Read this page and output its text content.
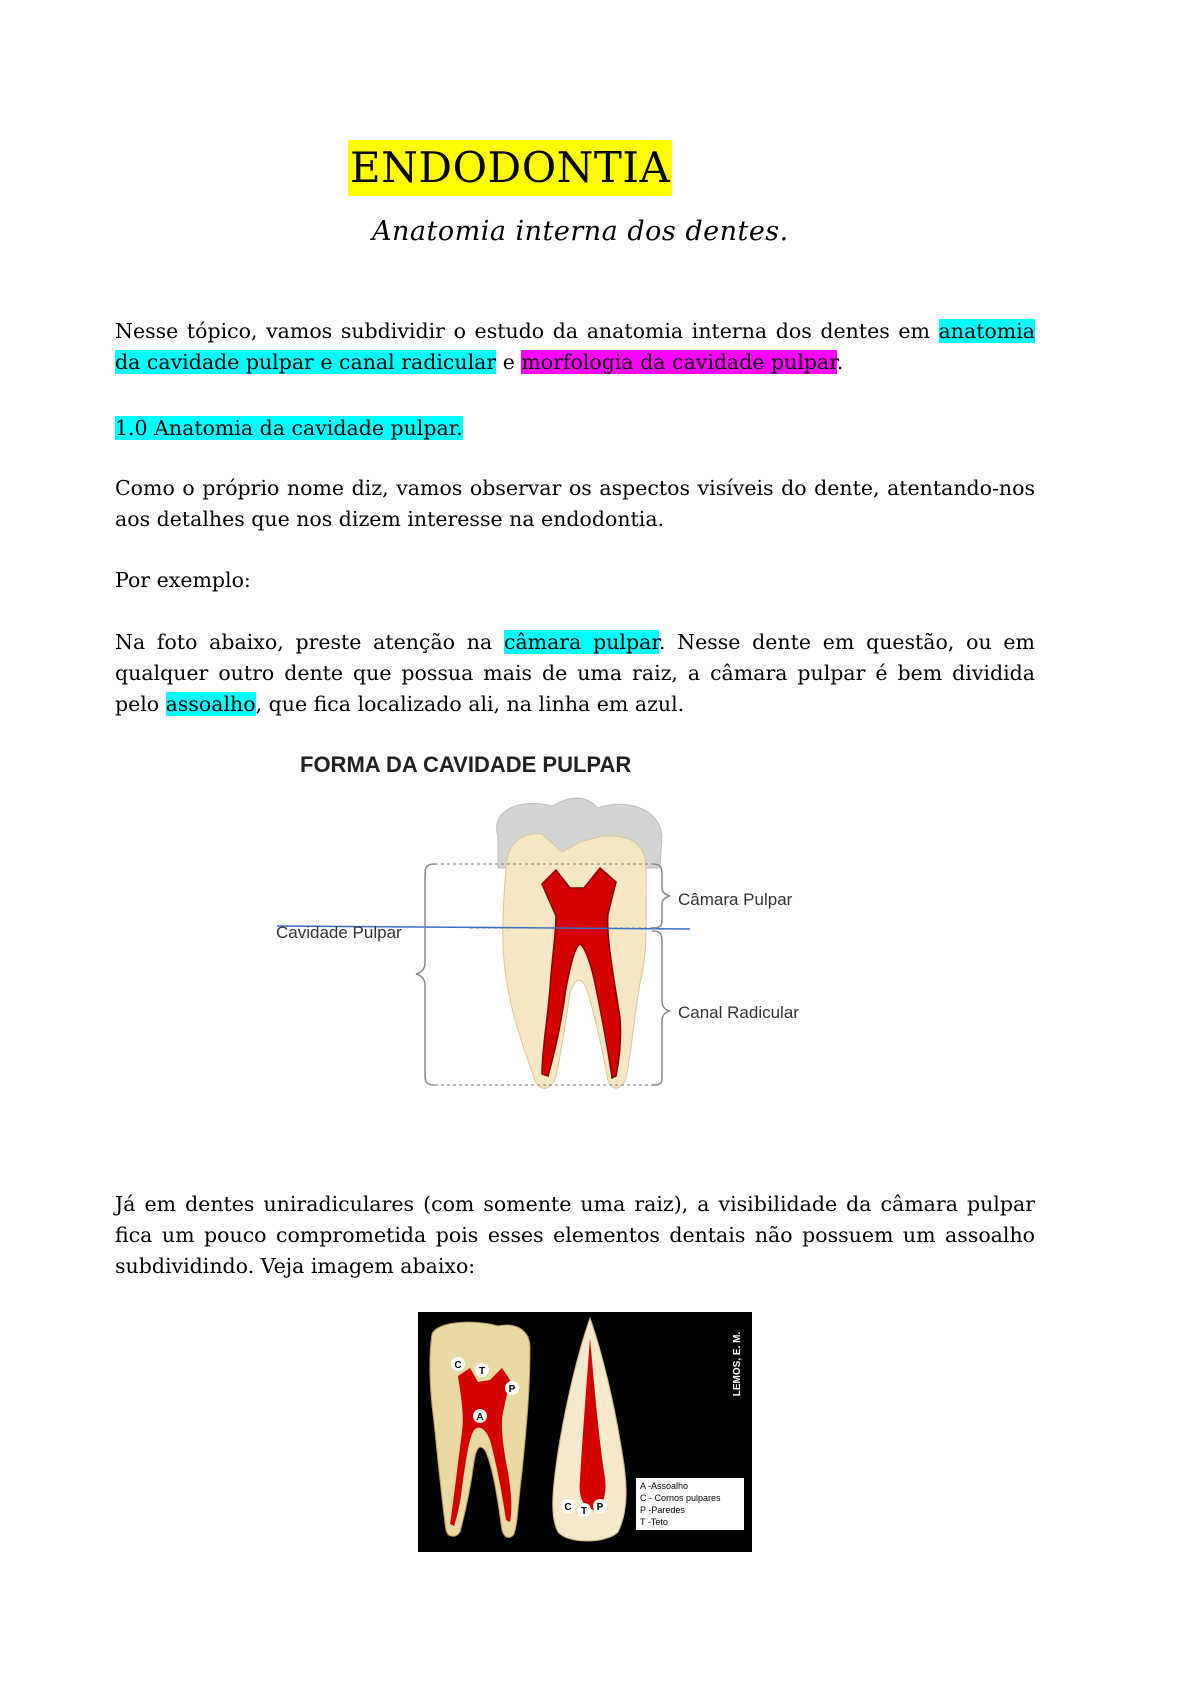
ENDODONTIA
Anatomia interna dos dentes.

Nesse tópico, vamos subdividir o estudo da anatomia interna dos dentes em anatomia da cavidade pulpar e canal radicular e morfologia da cavidade pulpar.

1.0 Anatomia da cavidade pulpar.

Como o próprio nome diz, vamos observar os aspectos visíveis do dente, atentando-nos aos detalhes que nos dizem interesse na endodontia.

Por exemplo:

Na foto abaixo, preste atenção na câmara pulpar. Nesse dente em questão, ou em qualquer outro dente que possua mais de uma raiz, a câmara pulpar é bem dividida pelo assoalho, que fica localizado ali, na linha em azul.

FORMA DA CAVIDADE PULPAR
Cavidade Pulpar
Câmara Pulpar
Canal Radicular

Já em dentes uniradiculares (com somente uma raiz), a visibilidade da câmara pulpar fica um pouco comprometida pois esses elementos dentais não possuem um assoalho subdividindo. Veja imagem abaixo:

C
T
P
A
C T P
LEMOS, E. M.
A -Assoalho
C - Cornos pulpares
P -Paredes
T -Teto
